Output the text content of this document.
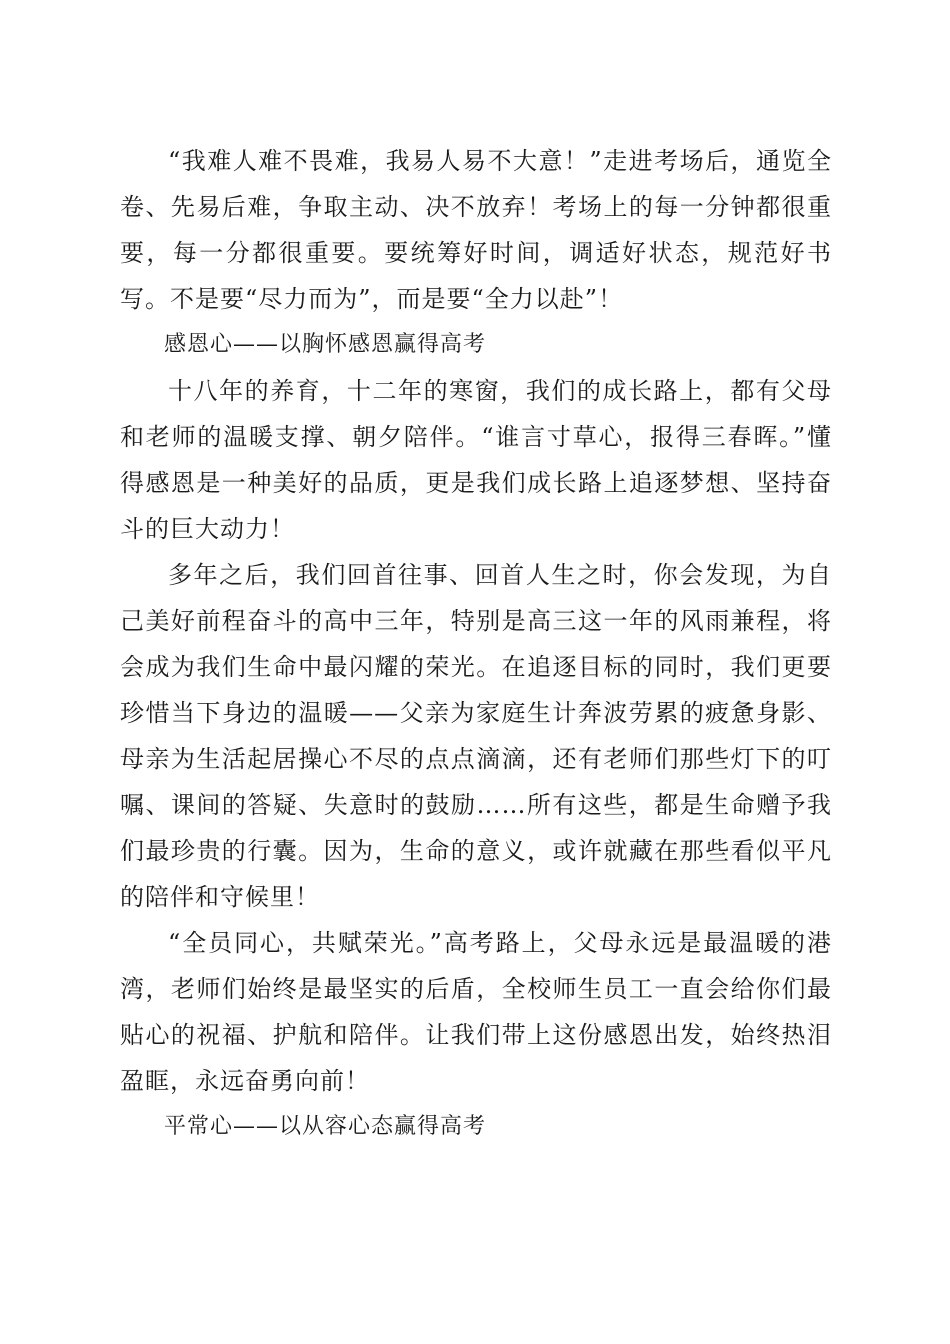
“我难人难不畏难，我易人易不大意！”走进考场后，通览全卷、先易后难，争取主动、决不放弃！考场上的每一分钟都很重要，每一分都很重要。要统筹好时间，调适好状态，规范好书写。不是要“尽力而为”，而是要“全力以赴”！

感恩心——以胸怀感恩赢得高考

十八年的养育，十二年的寒窗，我们的成长路上，都有父母和老师的温暖支撑、朝夕陪伴。“谁言寸草心，报得三春晖。”懂得感恩是一种美好的品质，更是我们成长路上追逐梦想、坚持奋斗的巨大动力！

多年之后，我们回首往事、回首人生之时，你会发现，为自己美好前程奋斗的高中三年，特别是高三这一年的风雨兼程，将会成为我们生命中最闪耀的荣光。在追逐目标的同时，我们更要珍惜当下身边的温暖——父亲为家庭生计奔波劳累的疲惫身影、母亲为生活起居操心不尽的点点滴滴，还有老师们那些灯下的叮嘱、课间的答疑、失意时的鼓励……所有这些，都是生命赠予我们最珍贵的行囊。因为，生命的意义，或许就藏在那些看似平凡的陪伴和守候里！

“全员同心，共赋荣光。”高考路上，父母永远是最温暖的港湾，老师们始终是最坚实的后盾，全校师生员工一直会给你们最贴心的祝福、护航和陪伴。让我们带上这份感恩出发，始终热泪盈眶，永远奋勇向前！

平常心——以从容心态赢得高考
